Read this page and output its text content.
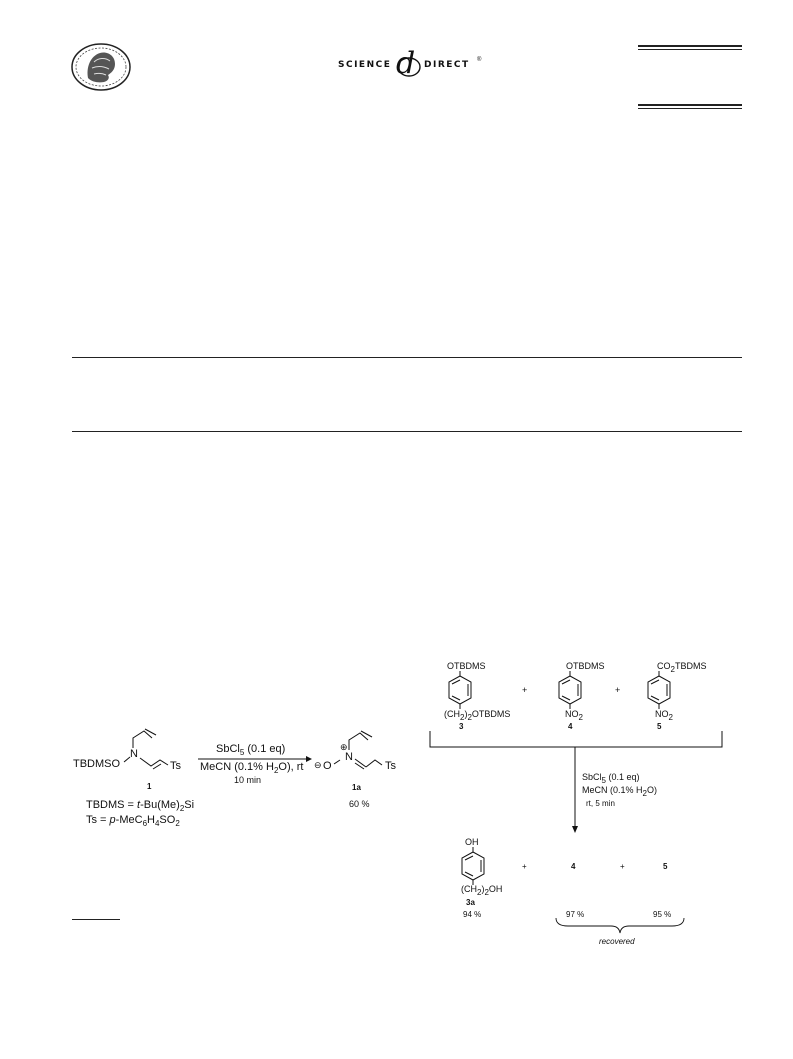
SCIENCE d DIRECT ®
TBDMSO
N
Ts
1
SbCl$_5$ (0.1 eq)
MeCN (0.1% $H_2O$), rt
10 min
⊖ O
⊕
N
Ts
1a
60 %
TBDMS = $t-Bu(Me)_2Si$
$Ts = p-MeC_6H_4SO_2$
OTBDMS
$(CH_2)_2OTBDMS$
3
+
OTBDMS
$NO_2$
4
+
$CO_2TBDMS$
$NO_2$
5
SbCl$_5$ (0.1 eq)
MeCN (0.1% $H_2O$)
rt, 5 min
OH
$(CH_2)_2OH$
3a
94 %
+	4	+	5
97 %	95 %
recovered
